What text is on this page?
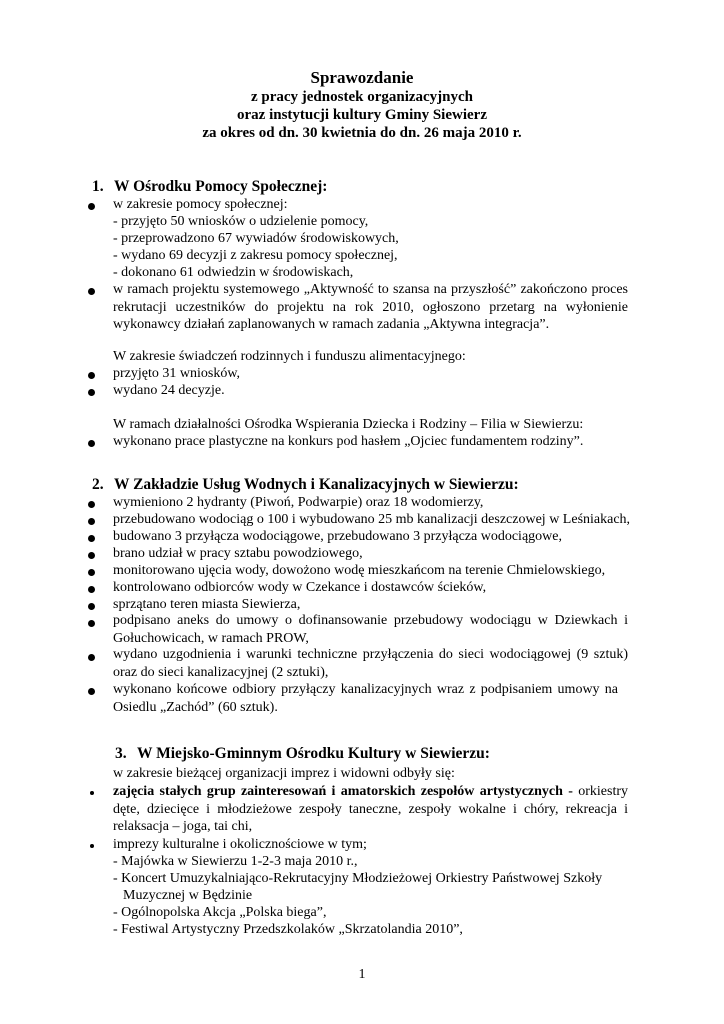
Sprawozdanie
z pracy jednostek organizacyjnych
oraz instytucji kultury Gminy Siewierz
za okres od dn. 30 kwietnia do dn. 26 maja 2010 r.
1. W Ośrodku Pomocy Społecznej:
w zakresie pomocy społecznej:
- przyjęto 50 wniosków o udzielenie pomocy,
- przeprowadzono 67 wywiadów środowiskowych,
- wydano 69 decyzji z zakresu pomocy społecznej,
- dokonano 61 odwiedzin w środowiskach,
w ramach projektu systemowego „Aktywność to szansa na przyszłość” zakończono proces rekrutacji uczestników do projektu na rok 2010, ogłoszono przetarg na wyłonienie wykonawcy działań zaplanowanych w ramach zadania „Aktywna integracja”.
W zakresie świadczeń rodzinnych i funduszu alimentacyjnego:
przyjęto 31 wniosków,
wydano 24 decyzje.
W ramach działalności Ośrodka Wspierania Dziecka i Rodziny – Filia w Siewierzu:
wykonano prace plastyczne na konkurs pod hasłem „Ojciec fundamentem rodziny”.
2. W Zakładzie Usług Wodnych i Kanalizacyjnych w Siewierzu:
wymieniono 2 hydranty (Piwoń, Podwarpie) oraz 18 wodomierzy,
przebudowano wodociąg o 100 i wybudowano 25 mb kanalizacji deszczowej w Leśniakach,
budowano 3 przyłącza wodociągowe, przebudowano 3 przyłącza wodociągowe,
brano udział w pracy sztabu powodziowego,
monitorowano ujęcia wody, dowożono wodę mieszkańcom na terenie Chmielowskiego,
kontrolowano odbiorców wody w Czekance i dostawców ścieków,
sprzątano teren miasta Siewierza,
podpisano aneks do umowy o dofinansowanie przebudowy wodociągu w Dziewkach i Gołuchowicach, w ramach PROW,
wydano uzgodnienia i warunki techniczne przyłączenia do sieci wodociągowej (9 sztuk) oraz do sieci kanalizacyjnej (2 sztuki),
wykonano końcowe odbiory przyłączy kanalizacyjnych wraz z podpisaniem umowy na Osiedlu „Zachód” (60 sztuk).
3. W Miejsko-Gminnym Ośrodku Kultury w Siewierzu:
w zakresie bieżącej organizacji imprez i widowni odbyły się:
zajęcia stałych grup zainteresowań i amatorskich zespołów artystycznych - orkiestry dęte, dziecięce i młodzieżowe zespoły taneczne, zespoły wokalne i chóry, rekreacja i relaksacja – joga, tai chi,
imprezy kulturalne i okolicznościowe w tym;
- Majówka w Siewierzu 1-2-3 maja 2010 r.,
- Koncert Umuzykalniająco-Rekrutacyjny Młodzieżowej Orkiestry Państwowej Szkoły
Muzycznej w Będzinie
- Ogólnopolska Akcja „Polska biega”,
- Festiwal Artystyczny Przedszkolaków „Skrzatolandia 2010”,
1
